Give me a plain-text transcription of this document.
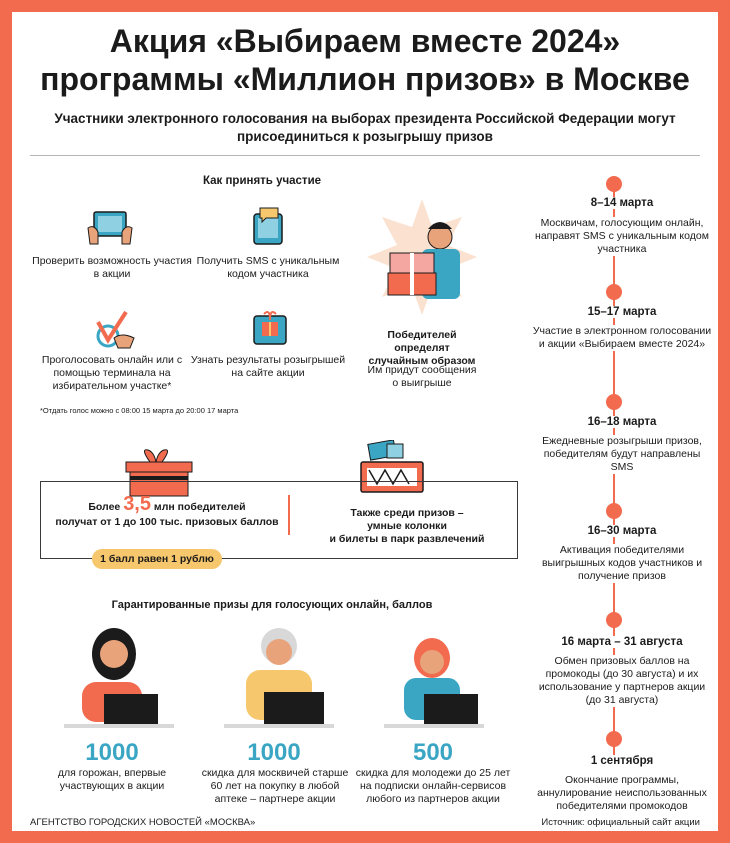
Акция «Выбираем вместе 2024»
программы «Миллион призов» в Москве
Участники электронного голосования на выборах президента Российской Федерации могут присоединиться к розыгрышу призов
Как принять участие
Проверить возможность участия в акции
Получить SMS с уникальным кодом участника
Проголосовать онлайн или с помощью терминала на избирательном участке*
Узнать результаты розыгрышей на сайте акции
*Отдать голос можно с 08:00 15 марта до 20:00 17 марта
Победителей определят случайным образом
Им придут сообщения о выигрыше
Более 3,5 млн победителей
получат от 1 до 100 тыс. призовых баллов
Также среди призов –
умные колонки
и билеты в парк развлечений
1 балл равен 1 рублю
Гарантированные призы для голосующих онлайн, баллов
1000	1000	500
для горожан, впервые участвующих в акции
скидка для москвичей старше 60 лет на покупку в любой аптеке – партнере акции
скидка для молодежи до 25 лет на подписки онлайн-сервисов любого из партнеров акции
8–14 марта
Москвичам, голосующим онлайн, направят SMS с уникальным кодом участника
15–17 марта
Участие в электронном голосовании и акции «Выбираем вместе 2024»
16–18 марта
Ежедневные розыгрыши призов, победителям будут направлены SMS
16–30 марта
Активация победителями выигрышных кодов участников и получение призов
16 марта – 31 августа
Обмен призовых баллов на промокоды (до 30 августа) и их использование у партнеров акции (до 31 августа)
1 сентября
Окончание программы, аннулирование неиспользованных победителями промокодов
АГЕНТСТВО ГОРОДСКИХ НОВОСТЕЙ «МОСКВА»	Источник: официальный сайт акции
